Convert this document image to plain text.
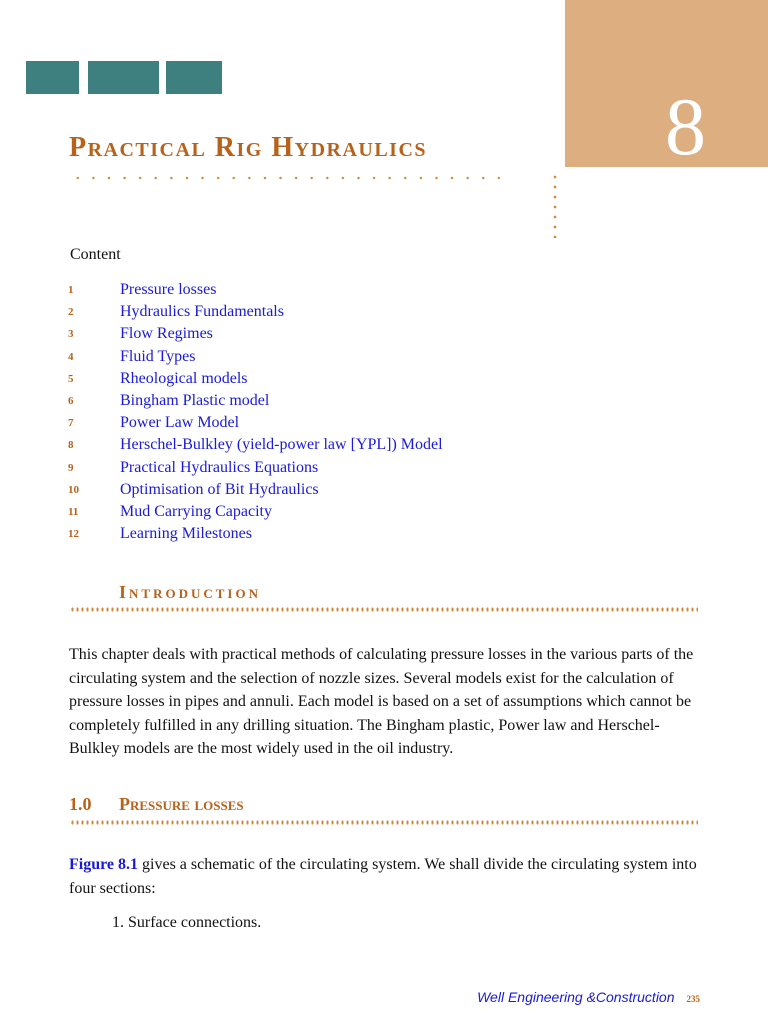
8
Practical Rig Hydraulics
Content
1	Pressure losses
2	Hydraulics Fundamentals
3	Flow Regimes
4	Fluid Types
5	Rheological models
6	Bingham Plastic model
7	Power Law Model
8	Herschel-Bulkley (yield-power law [YPL]) Model
9	Practical Hydraulics Equations
10	Optimisation of Bit Hydraulics
11	Mud Carrying Capacity
12	Learning Milestones
Introduction

This chapter deals with practical methods of calculating pressure losses in the various parts of the circulating system and the selection of nozzle sizes. Several models exist for the calculation of pressure losses in pipes and annuli. Each model is based on a set of assumptions which cannot be completely fulfilled in any drilling situation. The Bingham plastic, Power law and Herschel-Bulkley models are the most widely used in the oil industry.

1.0 Pressure losses

Figure 8.1 gives a schematic of the circulating system. We shall divide the circulating system into four sections:

1. Surface connections.
Well Engineering &Construction 235
